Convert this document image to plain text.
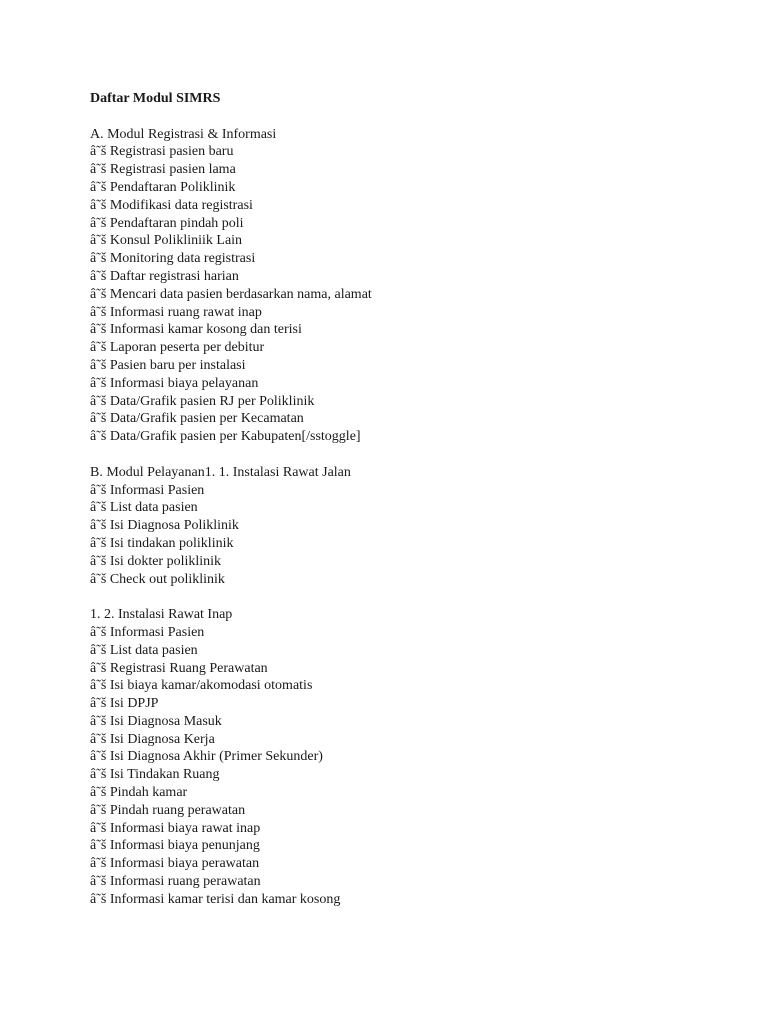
Daftar Modul SIMRS
A. Modul Registrasi & Informasi
â˜š Registrasi pasien baru
â˜š Registrasi pasien lama
â˜š Pendaftaran Poliklinik
â˜š Modifikasi data registrasi
â˜š Pendaftaran pindah poli
â˜š Konsul Polikliniik Lain
â˜š Monitoring data registrasi
â˜š Daftar registrasi harian
â˜š Mencari data pasien berdasarkan nama, alamat
â˜š Informasi ruang rawat inap
â˜š Informasi kamar kosong dan terisi
â˜š Laporan peserta per debitur
â˜š Pasien baru per instalasi
â˜š Informasi biaya pelayanan
â˜š Data/Grafik pasien RJ per Poliklinik
â˜š Data/Grafik pasien per Kecamatan
â˜š Data/Grafik pasien per Kabupaten[/sstoggle]
B. Modul Pelayanan1. 1. Instalasi Rawat Jalan
â˜š Informasi Pasien
â˜š List data pasien
â˜š Isi Diagnosa Poliklinik
â˜š Isi tindakan poliklinik
â˜š Isi dokter poliklinik
â˜š Check out poliklinik
1. 2. Instalasi Rawat Inap
â˜š Informasi Pasien
â˜š List data pasien
â˜š Registrasi Ruang Perawatan
â˜š Isi biaya kamar/akomodasi otomatis
â˜š Isi DPJP
â˜š Isi Diagnosa Masuk
â˜š Isi Diagnosa Kerja
â˜š Isi Diagnosa Akhir (Primer Sekunder)
â˜š Isi Tindakan Ruang
â˜š Pindah kamar
â˜š Pindah ruang perawatan
â˜š Informasi biaya rawat inap
â˜š Informasi biaya penunjang
â˜š Informasi biaya perawatan
â˜š Informasi ruang perawatan
â˜š Informasi kamar terisi dan kamar kosong
